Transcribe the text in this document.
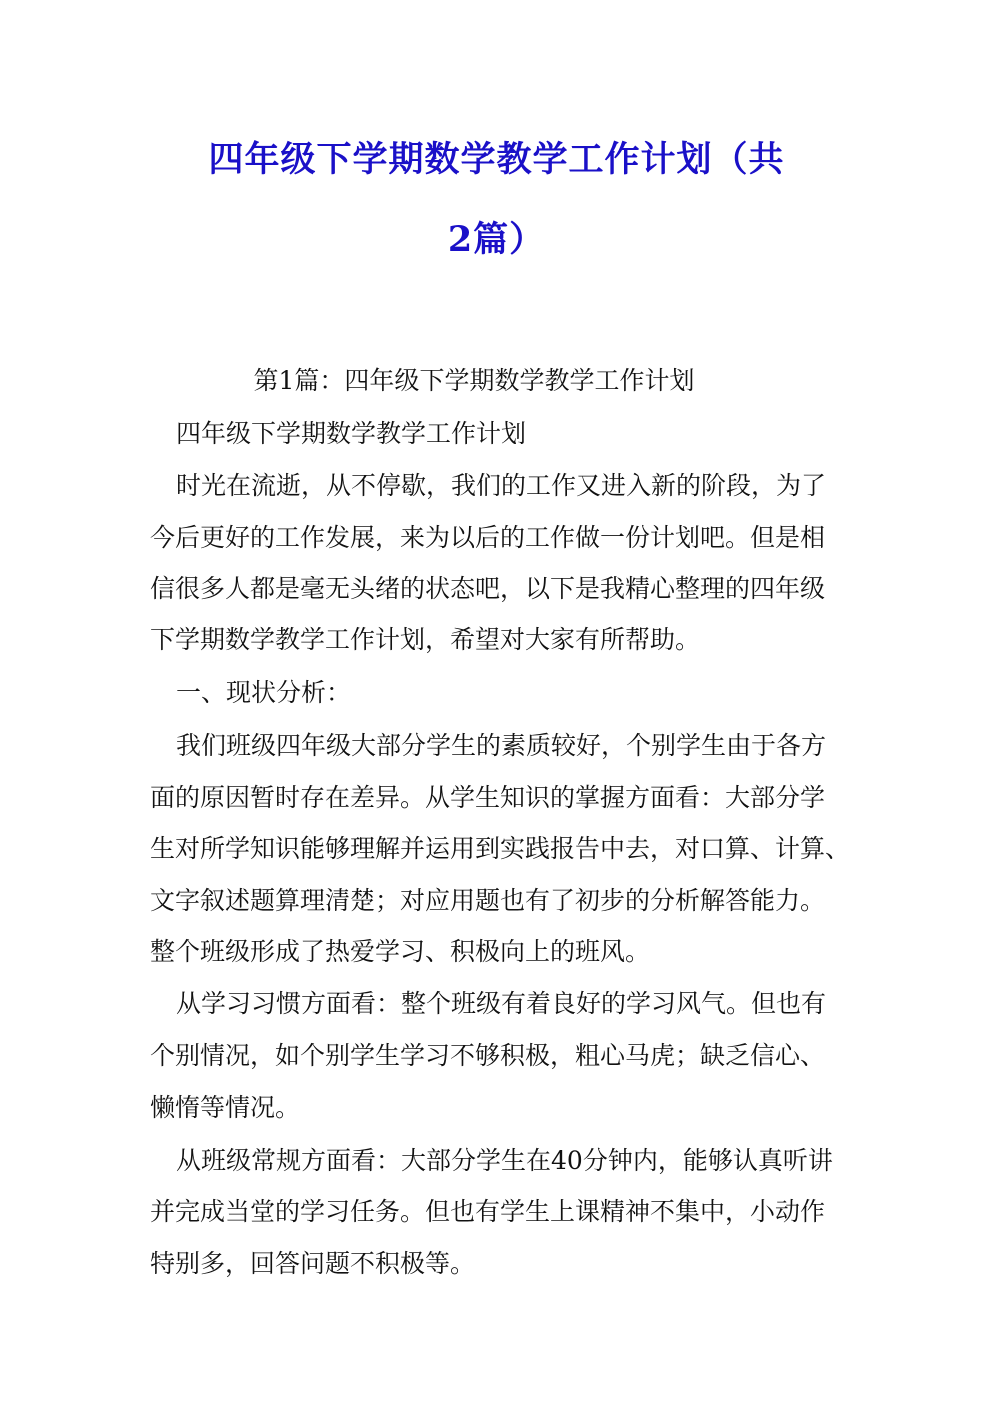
四年级下学期数学教学工作计划（共
2篇）
第1篇：四年级下学期数学教学工作计划
四年级下学期数学教学工作计划
时光在流逝，从不停歇，我们的工作又进入新的阶段，为了
今后更好的工作发展，来为以后的工作做一份计划吧。但是相
信很多人都是毫无头绪的状态吧，以下是我精心整理的四年级
下学期数学教学工作计划，希望对大家有所帮助。
一、现状分析：
我们班级四年级大部分学生的素质较好，个别学生由于各方
面的原因暂时存在差异。从学生知识的掌握方面看：大部分学
生对所学知识能够理解并运用到实践报告中去，对口算、计算、
文字叙述题算理清楚；对应用题也有了初步的分析解答能力。
整个班级形成了热爱学习、积极向上的班风。
从学习习惯方面看：整个班级有着良好的学习风气。但也有
个别情况，如个别学生学习不够积极，粗心马虎；缺乏信心、
懒惰等情况。
从班级常规方面看：大部分学生在40分钟内，能够认真听讲
并完成当堂的学习任务。但也有学生上课精神不集中，小动作
特别多，回答问题不积极等。
